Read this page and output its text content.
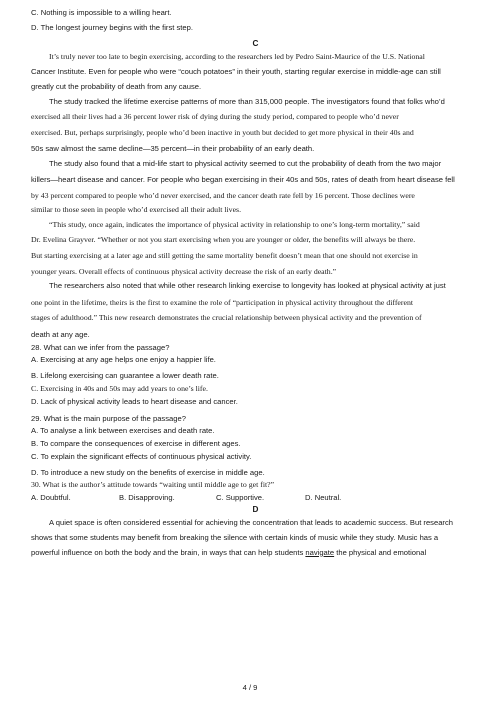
C. Nothing is impossible to a willing heart.

D. The longest journey begins with the first step.

C

It’s truly never too late to begin exercising, according to the researchers led by Pedro Saint-Maurice of the U.S. National

Cancer Institute. Even for people who were “couch potatoes” in their youth, starting regular exercise in middle-age can still

greatly cut the probability of death from any cause.

The study tracked the lifetime exercise patterns of more than 315,000 people. The investigators found that folks who’d

exercised all their lives had a 36 percent lower risk of dying during the study period, compared to people who’d never

exercised. But, perhaps surprisingly, people who’d been inactive in youth but decided to get more physical in their 40s and

50s saw almost the same decline—35 percent—in their probability of an early death.

The study also found that a mid-life start to physical activity seemed to cut the probability of death from the two major

killers—heart disease and cancer. For people who began exercising in their 40s and 50s, rates of death from heart disease fell

by 43 percent compared to people who’d never exercised, and the cancer death rate fell by 16 percent. Those declines were

similar to those seen in people who’d exercised all their adult lives.

“This study, once again, indicates the importance of physical activity in relationship to one’s long-term mortality,” said

Dr. Evelina Grayver. “Whether or not you start exercising when you are younger or older, the benefits will always be there.

But starting exercising at a later age and still getting the same mortality benefit doesn’t mean that one should not exercise in

younger years. Overall effects of continuous physical activity decrease the risk of an early death.”

The researchers also noted that while other research linking exercise to longevity has looked at physical activity at just

one point in the lifetime, theirs is the first to examine the role of “participation in physical activity throughout the different

stages of adulthood.” This new research demonstrates the crucial relationship between physical activity and the prevention of

death at any age.

28. What can we infer from the passage?

A. Exercising at any age helps one enjoy a happier life.

B. Lifelong exercising can guarantee a lower death rate.

C. Exercising in 40s and 50s may add years to one’s life.

D. Lack of physical activity leads to heart disease and cancer.

29. What is the main purpose of the passage?

A. To analyse a link between exercises and death rate.

B. To compare the consequences of exercise in different ages.

C. To explain the significant effects of continuous physical activity.

D. To introduce a new study on the benefits of exercise in middle age.

30. What is the author’s attitude towards “waiting until middle age to get fit?”

A. Doubtful.	B. Disapproving.	C. Supportive.	D. Neutral.

D

A quiet space is often considered essential for achieving the concentration that leads to academic success. But research

shows that some students may benefit from breaking the silence with certain kinds of music while they study. Music has a

powerful influence on both the body and the brain, in ways that can help students navigate the physical and emotional

4 / 9
